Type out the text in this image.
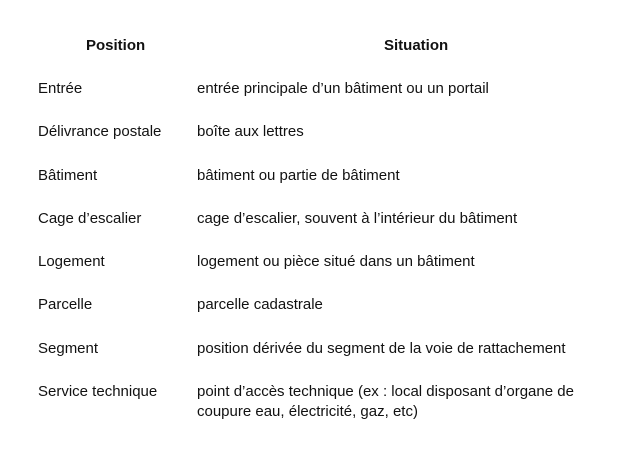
Position	Situation
Entrée	entrée principale d’un bâtiment ou un portail
Délivrance postale	boîte aux lettres
Bâtiment	bâtiment ou partie de bâtiment
Cage d’escalier	cage d’escalier, souvent à l’intérieur du bâtiment
Logement	logement ou pièce situé dans un bâtiment
Parcelle	parcelle cadastrale
Segment	position dérivée du segment de la voie de rattachement
Service technique	point d’accès technique (ex : local disposant d’organe de coupure eau, électricité, gaz, etc)
